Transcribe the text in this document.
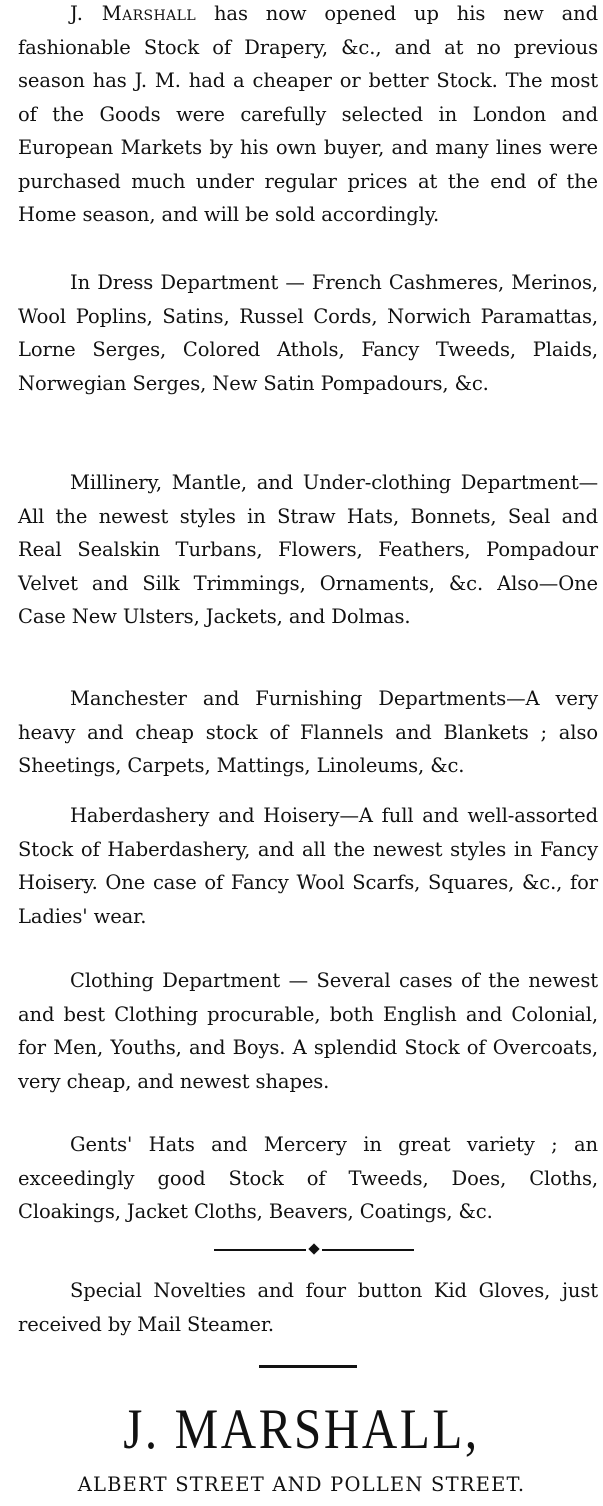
J. Marshall has now opened up his new and fashionable Stock of Drapery, &c., and at no previous season has J. M. had a cheaper or better Stock. The most of the Goods were carefully selected in London and European Markets by his own buyer, and many lines were purchased much under regular prices at the end of the Home season, and will be sold accordingly.

In Dress Department — French Cashmeres, Merinos, Wool Poplins, Satins, Russel Cords, Norwich Paramattas, Lorne Serges, Colored Athols, Fancy Tweeds, Plaids, Norwegian Serges, New Satin Pompadours, &c.

Millinery, Mantle, and Under-clothing Department—All the newest styles in Straw Hats, Bonnets, Seal and Real Sealskin Turbans, Flowers, Feathers, Pompadour Velvet and Silk Trimmings, Ornaments, &c. Also—One Case New Ulsters, Jackets, and Dolmas.

Manchester and Furnishing Departments—A very heavy and cheap stock of Flannels and Blankets ; also Sheetings, Carpets, Mattings, Linoleums, &c.

Haberdashery and Hoisery—A full and well-assorted Stock of Haberdashery, and all the newest styles in Fancy Hoisery. One case of Fancy Wool Scarfs, Squares, &c., for Ladies' wear.

Clothing Department — Several cases of the newest and best Clothing procurable, both English and Colonial, for Men, Youths, and Boys. A splendid Stock of Overcoats, very cheap, and newest shapes.

Gents' Hats and Mercery in great variety ; an exceedingly good Stock of Tweeds, Does, Cloths, Cloakings, Jacket Cloths, Beavers, Coatings, &c.

Special Novelties and four button Kid Gloves, just received by Mail Steamer.

J. MARSHALL,
ALBERT STREET AND POLLEN STREET.
